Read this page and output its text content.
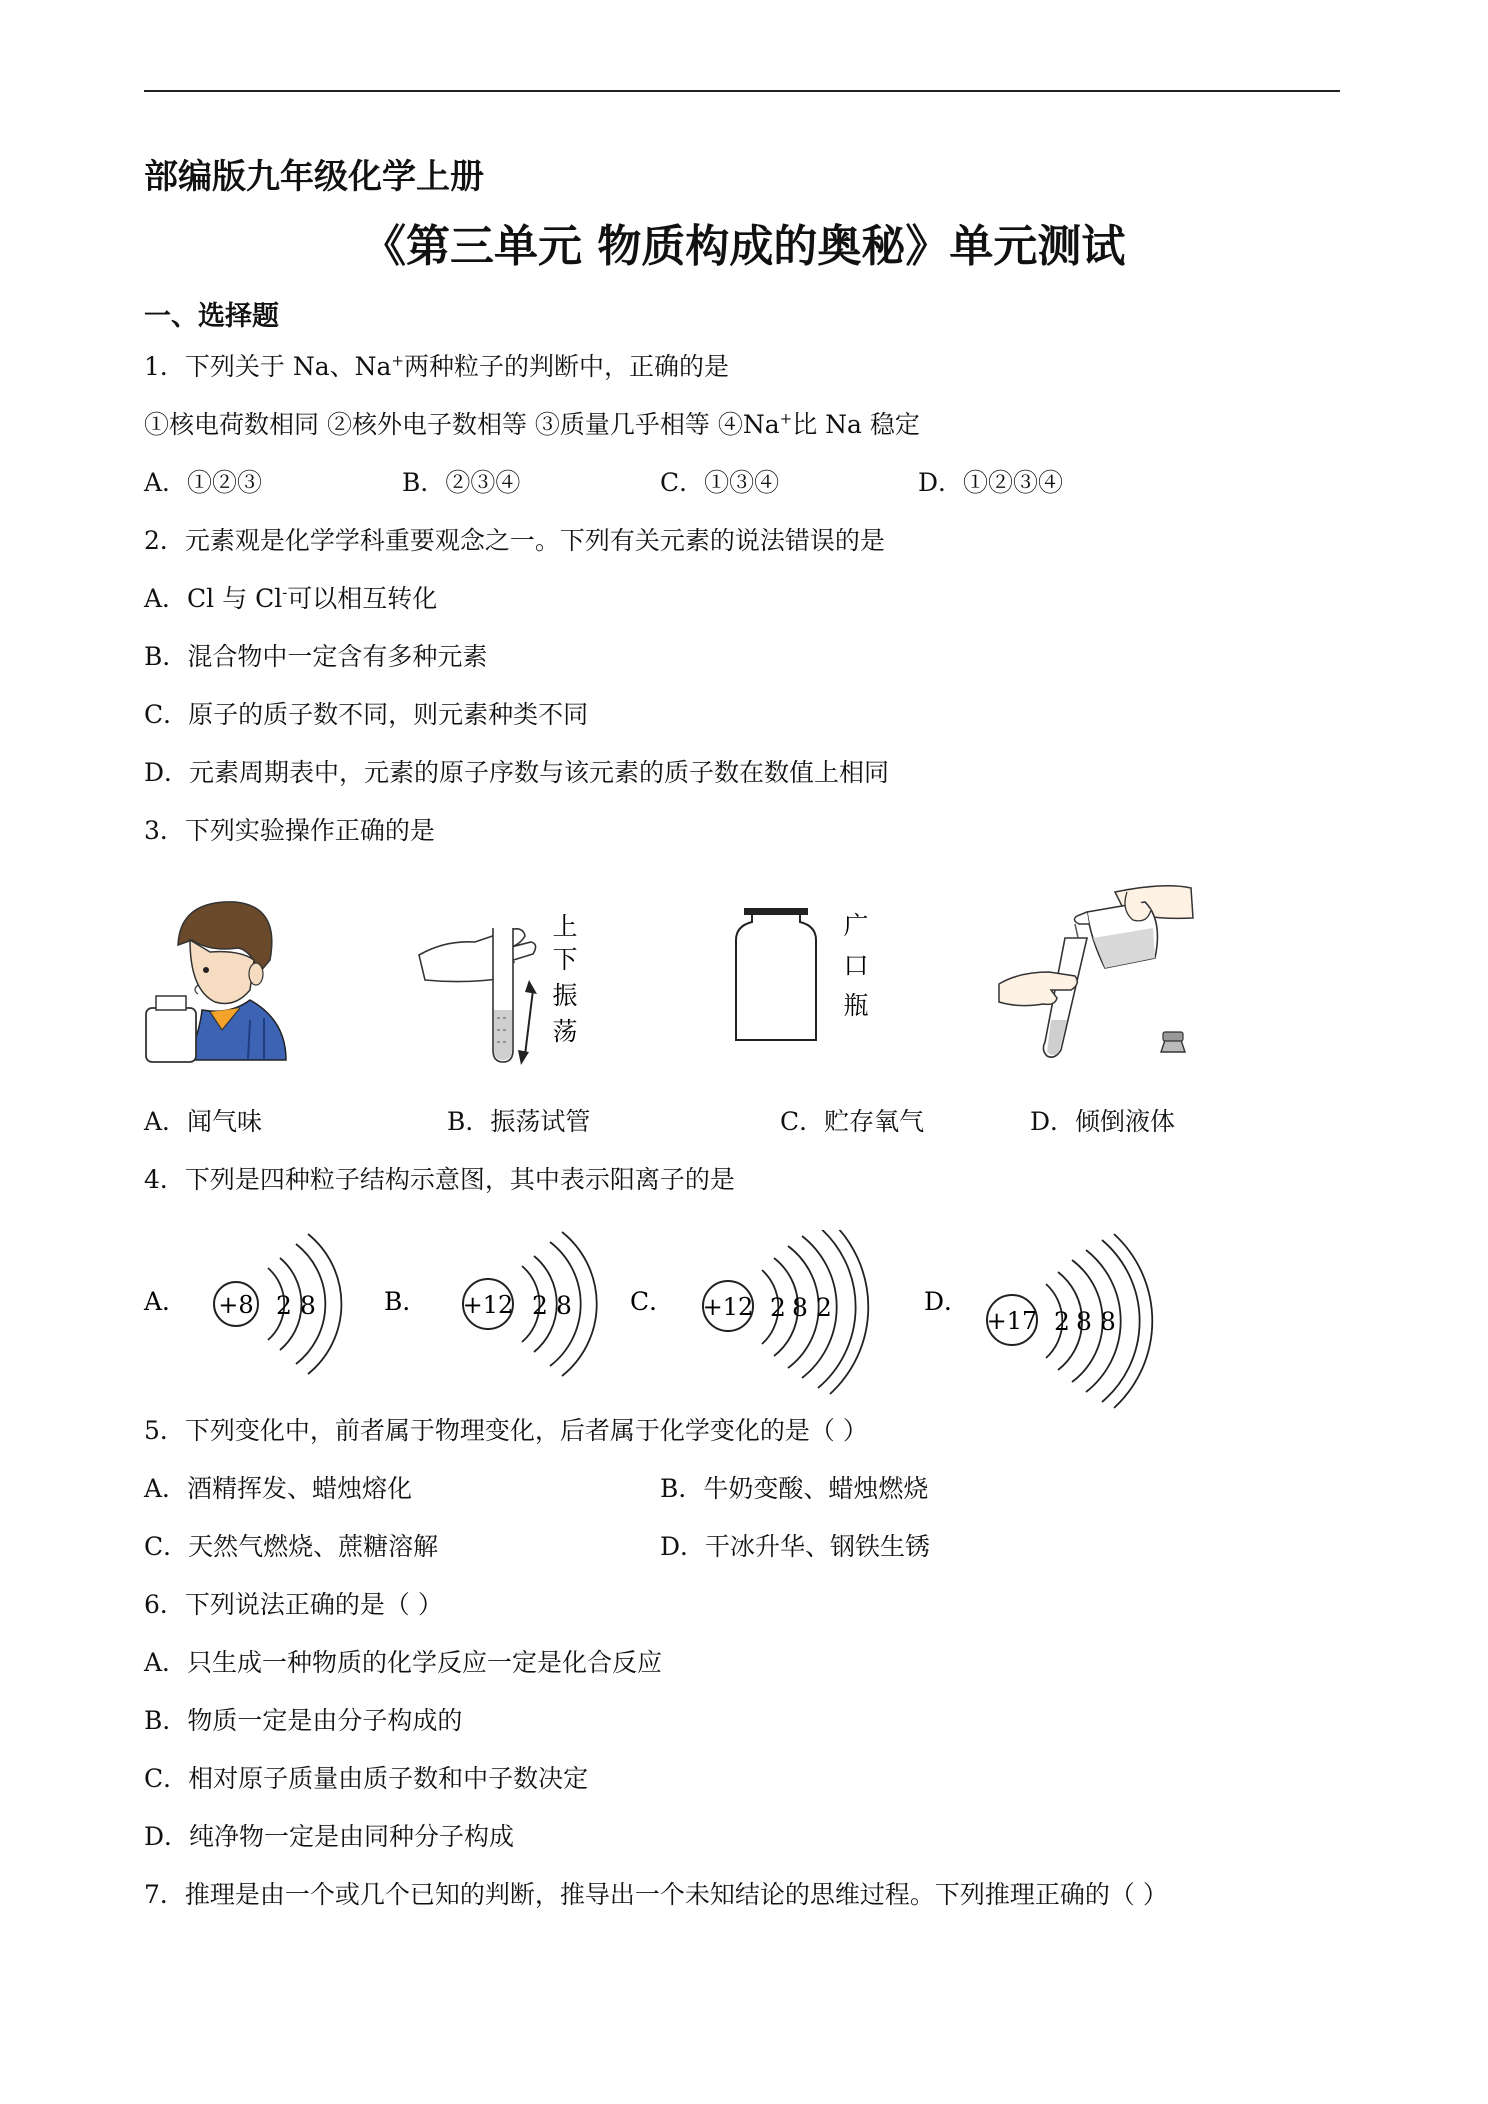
部编版九年级化学上册
《第三单元 物质构成的奥秘》单元测试
一、选择题
1．下列关于 Na、Na+两种粒子的判断中，正确的是
①核电荷数相同 ②核外电子数相等 ③质量几乎相等 ④Na+比 Na 稳定
A．①②③	B．②③④	C．①③④	D．①②③④
2．元素观是化学学科重要观念之一。下列有关元素的说法错误的是
A．Cl 与 Cl-可以相互转化
B．混合物中一定含有多种元素
C．原子的质子数不同，则元素种类不同
D．元素周期表中，元素的原子序数与该元素的质子数在数值上相同
3．下列实验操作正确的是
上
下
振
荡
广
口
瓶
A．闻气味	B．振荡试管	C．贮存氧气	D．倾倒液体
4．下列是四种粒子结构示意图，其中表示阳离子的是
A． +8 2 8	B． +12 2 8 C． +12 2 8 2	D．
+17 2 8 8
5．下列变化中，前者属于物理变化，后者属于化学变化的是（ ）
A．酒精挥发、蜡烛熔化	B．牛奶变酸、蜡烛燃烧
C．天然气燃烧、蔗糖溶解	D．干冰升华、钢铁生锈
6．下列说法正确的是（ ）
A．只生成一种物质的化学反应一定是化合反应
B．物质一定是由分子构成的
C．相对原子质量由质子数和中子数决定
D．纯净物一定是由同种分子构成
7．推理是由一个或几个已知的判断，推导出一个未知结论的思维过程。下列推理正确的（ ）
